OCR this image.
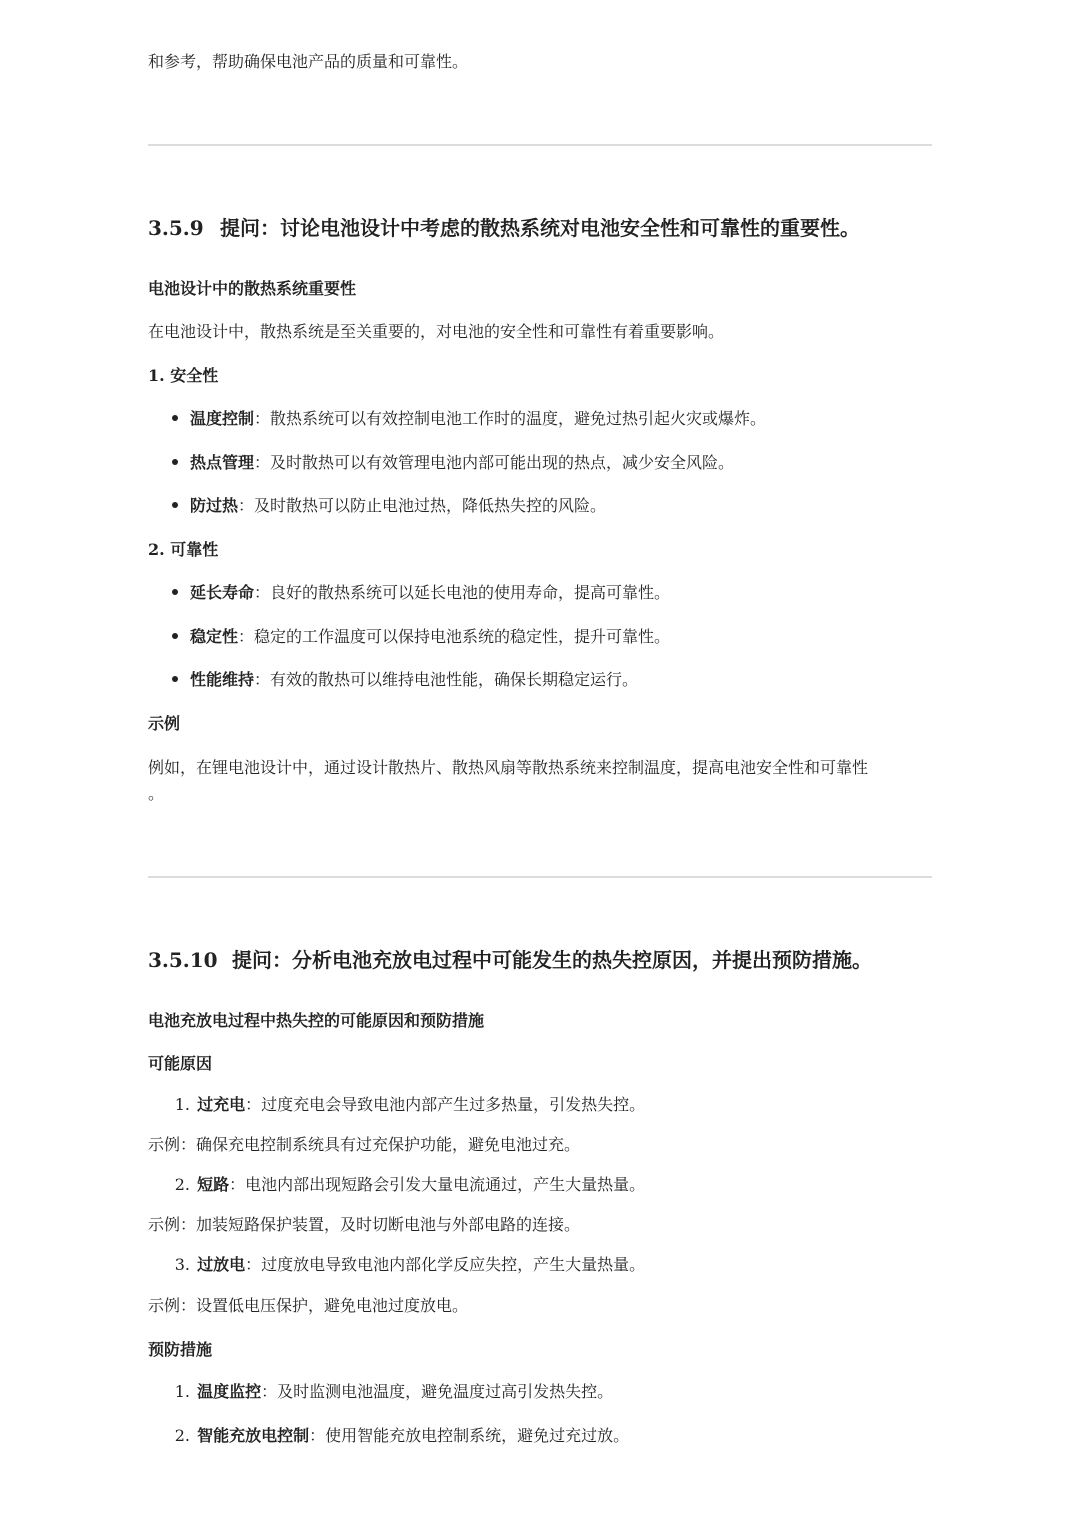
和参考，帮助确保电池产品的质量和可靠性。

3.5.9 提问：讨论电池设计中考虑的散热系统对电池安全性和可靠性的重要性。
电池设计中的散热系统重要性

在电池设计中，散热系统是至关重要的，对电池的安全性和可靠性有着重要影响。

1. 安全性
温度控制：散热系统可以有效控制电池工作时的温度，避免过热引起火灾或爆炸。
热点管理：及时散热可以有效管理电池内部可能出现的热点，减少安全风险。
防过热：及时散热可以防止电池过热，降低热失控的风险。
2. 可靠性
延长寿命：良好的散热系统可以延长电池的使用寿命，提高可靠性。
稳定性：稳定的工作温度可以保持电池系统的稳定性，提升可靠性。
性能维持：有效的散热可以维持电池性能，确保长期稳定运行。
示例

例如，在锂电池设计中，通过设计散热片、散热风扇等散热系统来控制温度，提高电池安全性和可靠性

。

3.5.10 提问：分析电池充放电过程中可能发生的热失控原因，并提出预防措施。
电池充放电过程中热失控的可能原因和预防措施
可能原因
1. 过充电：过度充电会导致电池内部产生过多热量，引发热失控。

示例：确保充电控制系统具有过充保护功能，避免电池过充。

2. 短路：电池内部出现短路会引发大量电流通过，产生大量热量。

示例：加装短路保护装置，及时切断电池与外部电路的连接。

3. 过放电：过度放电导致电池内部化学反应失控，产生大量热量。

示例：设置低电压保护，避免电池过度放电。

预防措施
1. 温度监控：及时监测电池温度，避免温度过高引发热失控。
2. 智能充放电控制：使用智能充放电控制系统，避免过充过放。
